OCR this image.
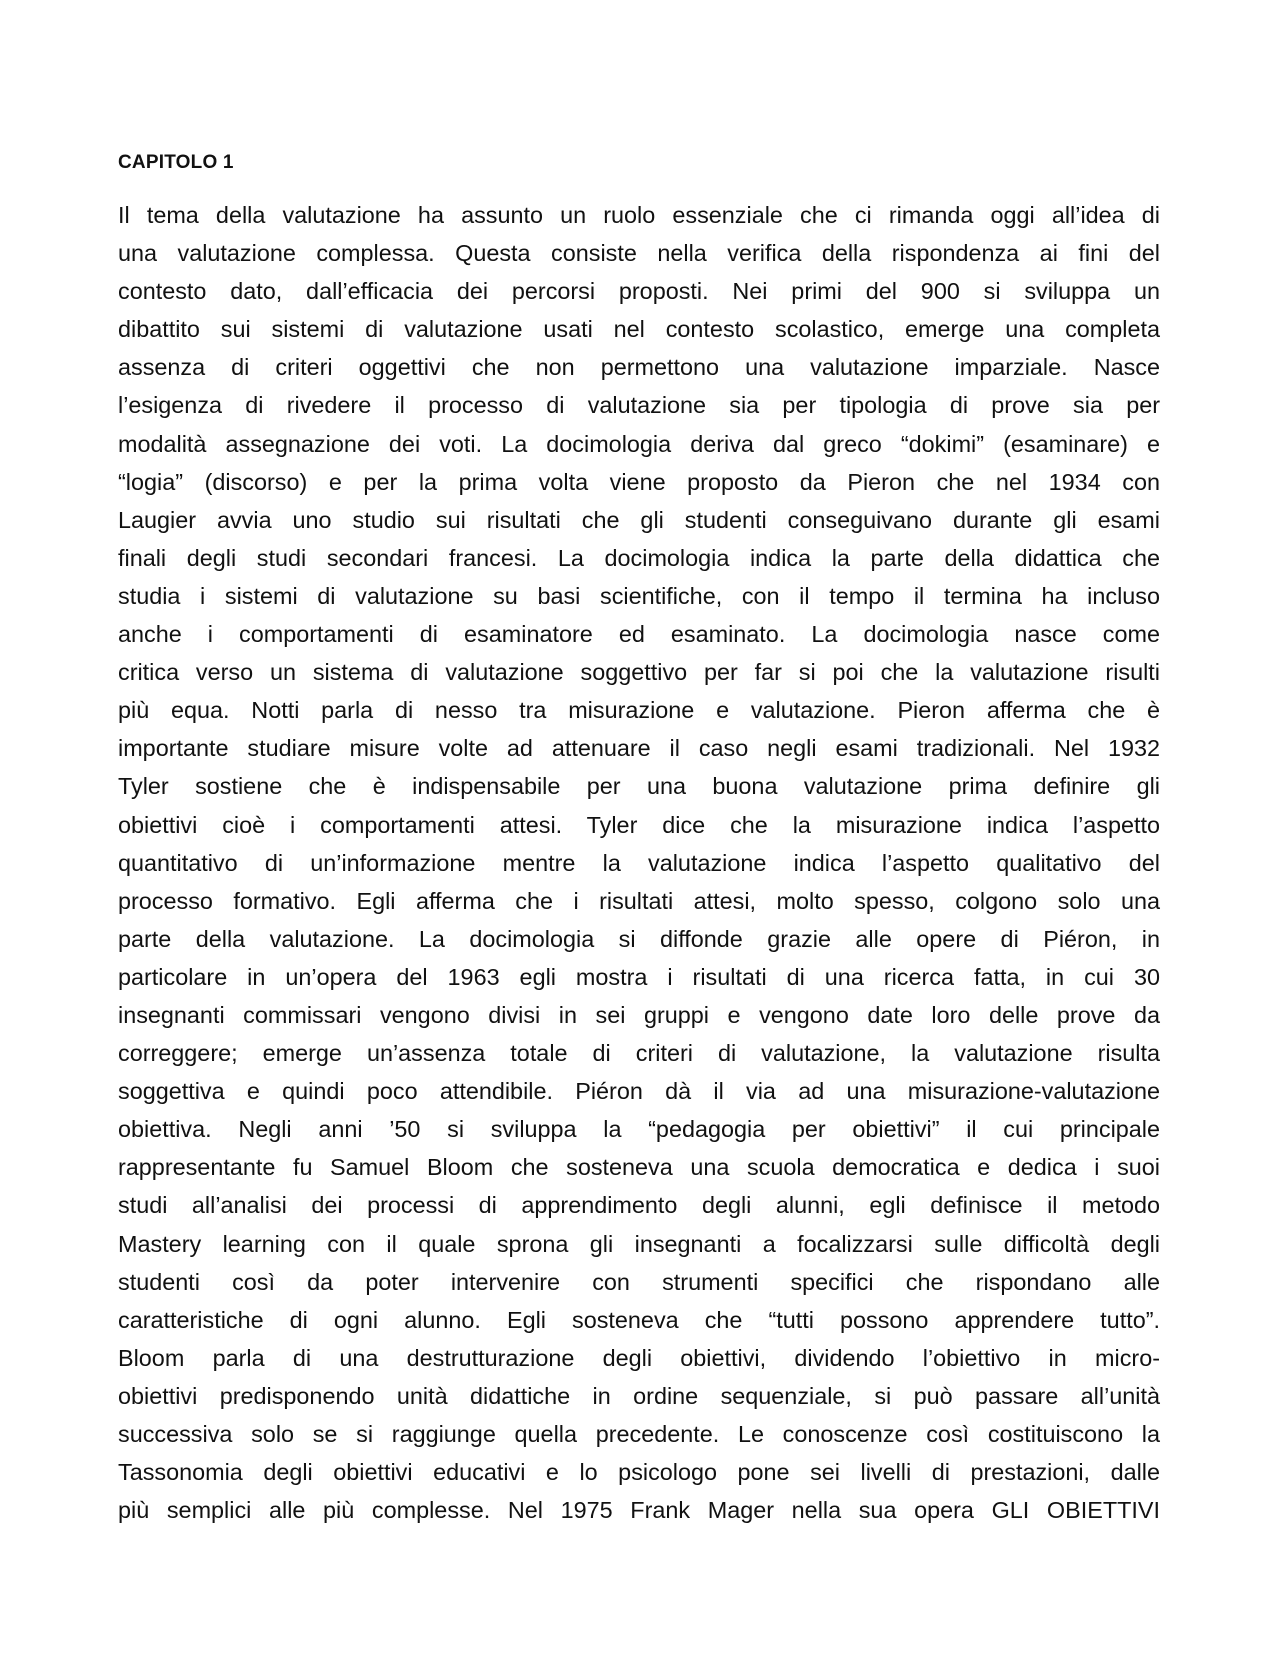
CAPITOLO 1
Il tema della valutazione ha assunto un ruolo essenziale che ci rimanda oggi all’idea di
una valutazione complessa. Questa consiste nella verifica della rispondenza ai fini del
contesto dato, dall’efficacia dei percorsi proposti. Nei primi del 900 si sviluppa un
dibattito sui sistemi di valutazione usati nel contesto scolastico, emerge una completa
assenza di criteri oggettivi che non permettono una valutazione imparziale. Nasce
l’esigenza di rivedere il processo di valutazione sia per tipologia di prove sia per
modalità assegnazione dei voti. La docimologia deriva dal greco “dokimi” (esaminare) e
“logia” (discorso) e per la prima volta viene proposto da Pieron che nel 1934 con
Laugier avvia uno studio sui risultati che gli studenti conseguivano durante gli esami
finali degli studi secondari francesi. La docimologia indica la parte della didattica che
studia i sistemi di valutazione su basi scientifiche, con il tempo il termina ha incluso
anche i comportamenti di esaminatore ed esaminato. La docimologia nasce come
critica verso un sistema di valutazione soggettivo per far si poi che la valutazione risulti
più equa. Notti parla di nesso tra misurazione e valutazione. Pieron afferma che è
importante studiare misure volte ad attenuare il caso negli esami tradizionali. Nel 1932
Tyler sostiene che è indispensabile per una buona valutazione prima definire gli
obiettivi cioè i comportamenti attesi. Tyler dice che la misurazione indica l’aspetto
quantitativo di un’informazione mentre la valutazione indica l’aspetto qualitativo del
processo formativo. Egli afferma che i risultati attesi, molto spesso, colgono solo una
parte della valutazione. La docimologia si diffonde grazie alle opere di Piéron, in
particolare in un’opera del 1963 egli mostra i risultati di una ricerca fatta, in cui 30
insegnanti commissari vengono divisi in sei gruppi e vengono date loro delle prove da
correggere; emerge un’assenza totale di criteri di valutazione, la valutazione risulta
soggettiva e quindi poco attendibile. Piéron dà il via ad una misurazione-valutazione
obiettiva. Negli anni ’50 si sviluppa la “pedagogia per obiettivi” il cui principale
rappresentante fu Samuel Bloom che sosteneva una scuola democratica e dedica i suoi
studi all’analisi dei processi di apprendimento degli alunni, egli definisce il metodo
Mastery learning con il quale sprona gli insegnanti a focalizzarsi sulle difficoltà degli
studenti così da poter intervenire con strumenti specifici che rispondano alle
caratteristiche di ogni alunno. Egli sosteneva che “tutti possono apprendere tutto”.
Bloom parla di una destrutturazione degli obiettivi, dividendo l’obiettivo in micro-
obiettivi predisponendo unità didattiche in ordine sequenziale, si può passare all’unità
successiva solo se si raggiunge quella precedente. Le conoscenze così costituiscono la
Tassonomia degli obiettivi educativi e lo psicologo pone sei livelli di prestazioni, dalle
più semplici alle più complesse. Nel 1975 Frank Mager nella sua opera GLI OBIETTIVI
